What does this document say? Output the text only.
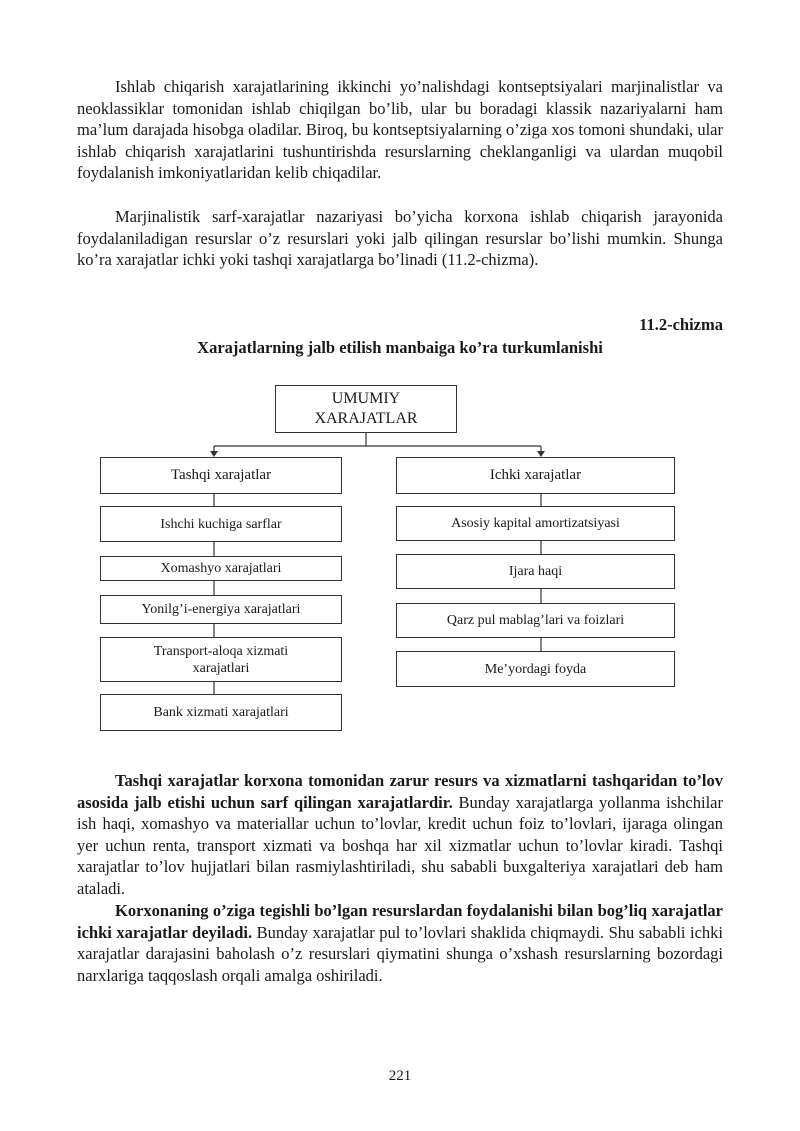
Ishlab chiqarish xarajatlarining ikkinchi yo’nalishdagi kontseptsiyalari marjinalistlar va neoklassiklar tomonidan ishlab chiqilgan bo’lib, ular bu boradagi klassik nazariyalarni ham ma’lum darajada hisobga oladilar. Biroq, bu kontseptsiyalarning o’ziga xos tomoni shundaki, ular ishlab chiqarish xarajatlarini tushuntirishda resurslarning cheklanganligi va ulardan muqobil foydalanish imkoniyatlaridan kelib chiqadilar.

Marjinalistik sarf-xarajatlar nazariyasi bo’yicha korxona ishlab chiqarish jarayonida foydalaniladigan resurslar o’z resurslari yoki jalb qilingan resurslar bo’lishi mumkin. Shunga ko’ra xarajatlar ichki yoki tashqi xarajatlarga bo’linadi (11.2-chizma).

11.2-chizma
Xarajatlarning jalb etilish manbaiga ko’ra turkumlanishi
UMUMIY
XARAJATLAR
Tashqi xarajatlar
Ishchi kuchiga sarflar
Xomashyo xarajatlari
Yonilg’i-energiya xarajatlari
Transport-aloqa xizmati xarajatlari
Bank xizmati xarajatlari
Ichki xarajatlar
Asosiy kapital amortizatsiyasi
Ijara haqi
Qarz pul mablag’lari va foizlari
Me’yordagi foyda

Tashqi xarajatlar korxona tomonidan zarur resurs va xizmatlarni tashqaridan to’lov asosida jalb etishi uchun sarf qilingan xarajatlardir. Bunday xarajatlarga yollanma ishchilar ish haqi, xomashyo va materiallar uchun to’lovlar, kredit uchun foiz to’lovlari, ijaraga olingan yer uchun renta, transport xizmati va boshqa har xil xizmatlar uchun to’lovlar kiradi. Tashqi xarajatlar to’lov hujjatlari bilan rasmiylashtiriladi, shu sababli buxgalteriya xarajatlari deb ham ataladi.

Korxonaning o’ziga tegishli bo’lgan resurslardan foydalanishi bilan bog’liq xarajatlar ichki xarajatlar deyiladi. Bunday xarajatlar pul to’lovlari shaklida chiqmaydi. Shu sababli ichki xarajatlar darajasini baholash o’z resurslari qiymatini shunga o’xshash resurslarning bozordagi narxlariga taqqoslash orqali amalga oshiriladi.

221
